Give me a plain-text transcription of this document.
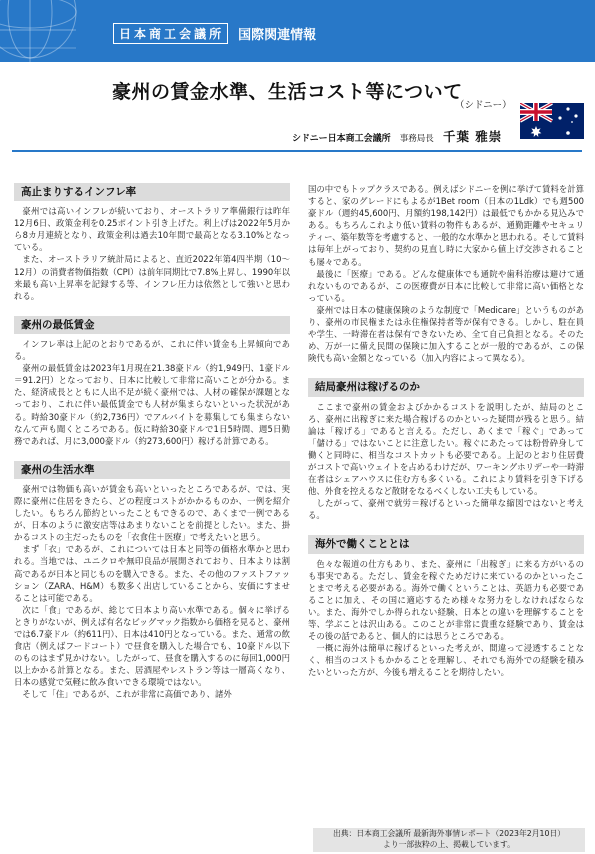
日本商工会議所	国際関連情報
豪州の賃金水準、生活コスト等について
（シドニー）
シドニー日本商工会議所 事務局長 千葉 雅崇
高止まりするインフレ率

豪州では高いインフレが続いており、オーストラリア準備銀行は昨年12月6日、政策金利を0.25ポイント引き上げた。利上げは2022年5月から8カ月連続となり、政策金利は過去10年間で最高となる3.10%となっている。

また、オーストラリア統計局によると、直近2022年第4四半期（10〜12月）の消費者物価指数（CPI）は前年同期比で7.8%上昇し、1990年以来最も高い上昇率を記録する等、インフレ圧力は依然として強いと思われる。

豪州の最低賃金

インフレ率は上記のとおりであるが、これに伴い賃金も上昇傾向である。

豪州の最低賃金は2023年1月現在21.38豪ドル（約1,949円、1豪ドル＝91.2円）となっており、日本に比較して非常に高いことが分かる。また、経済成長とともに人出不足が続く豪州では、人材の確保が課題となっており、これに伴い最低賃金でも人材が集まらないといった状況がある。時給30豪ドル（約2,736円）でアルバイトを募集しても集まらないなんて声も聞くところである。仮に時給30豪ドルで1日5時間、週5日勤務であれば、月に3,000豪ドル（約273,600円）稼げる計算である。

豪州の生活水準

豪州では物価も高いが賃金も高いといったところであるが、では、実際に豪州に住居をきたら、どの程度コストがかかるものか、一例を紹介したい。もちろん節約といったこともできるので、あくまで一例であるが、日本のように激安店等はあまりないことを前提としたい。また、掛かるコストの主だったものを「衣食住＋医療」で考えたいと思う。

まず「衣」であるが、これについては日本と同等の価格水準かと思われる。当地では、ユニクロや無印良品が展開されており、日本よりは割高であるが日本と同じものを購入できる。また、その他のファストファッション（ZARA、H&M）も数多く出店していることから、安価にすませることは可能である。

次に「食」であるが、総じて日本より高い水準である。個々に挙げるときりがないが、例えば有名なビッグマック指数から価格を見ると、豪州では6.7豪ドル（約611円）、日本は410円となっている。また、通常の飲食店（例えばフードコート）で昼食を購入した場合でも、10豪ドル以下のものはまず見かけない。したがって、昼食を購入するのに毎回1,000円以上かかる計算となる。また、居酒屋やレストラン等は一層高くなり、日本の感覚で気軽に飲み食いできる環境ではない。

そして「住」であるが、これが非常に高価であり、諸外

国の中でもトップクラスである。例えばシドニーを例に挙げて賃料を計算すると、家のグレードにもよるが1Bet room（日本の1Ldk）でも週500豪ドル（週約45,600円、月額約198,142円）は最低でもかかる見込みである。もちろんこれより低い賃料の物件もあるが、通勤距離やセキュリティー、築年数等を考慮すると、一般的な水準かと思われる。そして賃料は毎年上がっており、契約の見直し時に大家から値上げ交渉されることも屡々である。

最後に「医療」である。どんな健康体でも通院や歯科治療は避けて通れないものであるが、この医療費が日本に比較して非常に高い価格となっている。

豪州では日本の健康保険のような制度で「Medicare」というものがあり、豪州の市民権または永住権保持者等が保有できる。しかし、駐在員や学生、一時滞在者は保有できないため、全て自己負担となる。そのため、万が一に備え民間の保険に加入することが一般的であるが、この保険代も高い金額となっている（加入内容によって異なる）。

結局豪州は稼げるのか

ここまで豪州の賃金およびかかるコストを説明したが、結局のところ、豪州に出稼ぎに来た場合稼げるのかといった疑問が残ると思う。結論は「稼げる」であると言える。ただし、あくまで「稼ぐ」であって「儲ける」ではないことに注意したい。稼ぐにあたっては粉骨砕身して働くと同時に、相当なコストカットも必要である。上記のとおり住居費がコストで高いウェイトを占めるわけだが、ワーキングホリデーや一時滞在者はシェアハウスに住む方も多くいる。これにより賃料を引き下げる他、外食を控えるなど散財をなるべくしない工夫もしている。

したがって、豪州で就労＝稼げるといった簡単な縮図ではないと考える。

海外で働くこととは

色々な報道の仕方もあり、また、豪州に「出稼ぎ」に来る方がいるのも事実である。ただし、賃金を稼ぐためだけに来ているのかといったことまで考える必要がある。海外で働くということは、英語力も必要であることに加え、その国に適応するため様々な努力をしなければならない。また、海外でしか得られない経験、日本との違いを理解することを等、学ぶことは沢山ある。このことが非常に貴重な経験であり、賃金はその後の話であると、個人的には思うところである。

一概に海外は簡単に稼げるといった考えが、間違って浸透することなく、相当のコストもかかることを理解し、それでも海外での経験を積みたいといった方が、今後も増えることを期待したい。

出典：日本商工会議所 最新海外事情レポート（2023年2月10日）
より一部抜粋の上、掲載しています。
